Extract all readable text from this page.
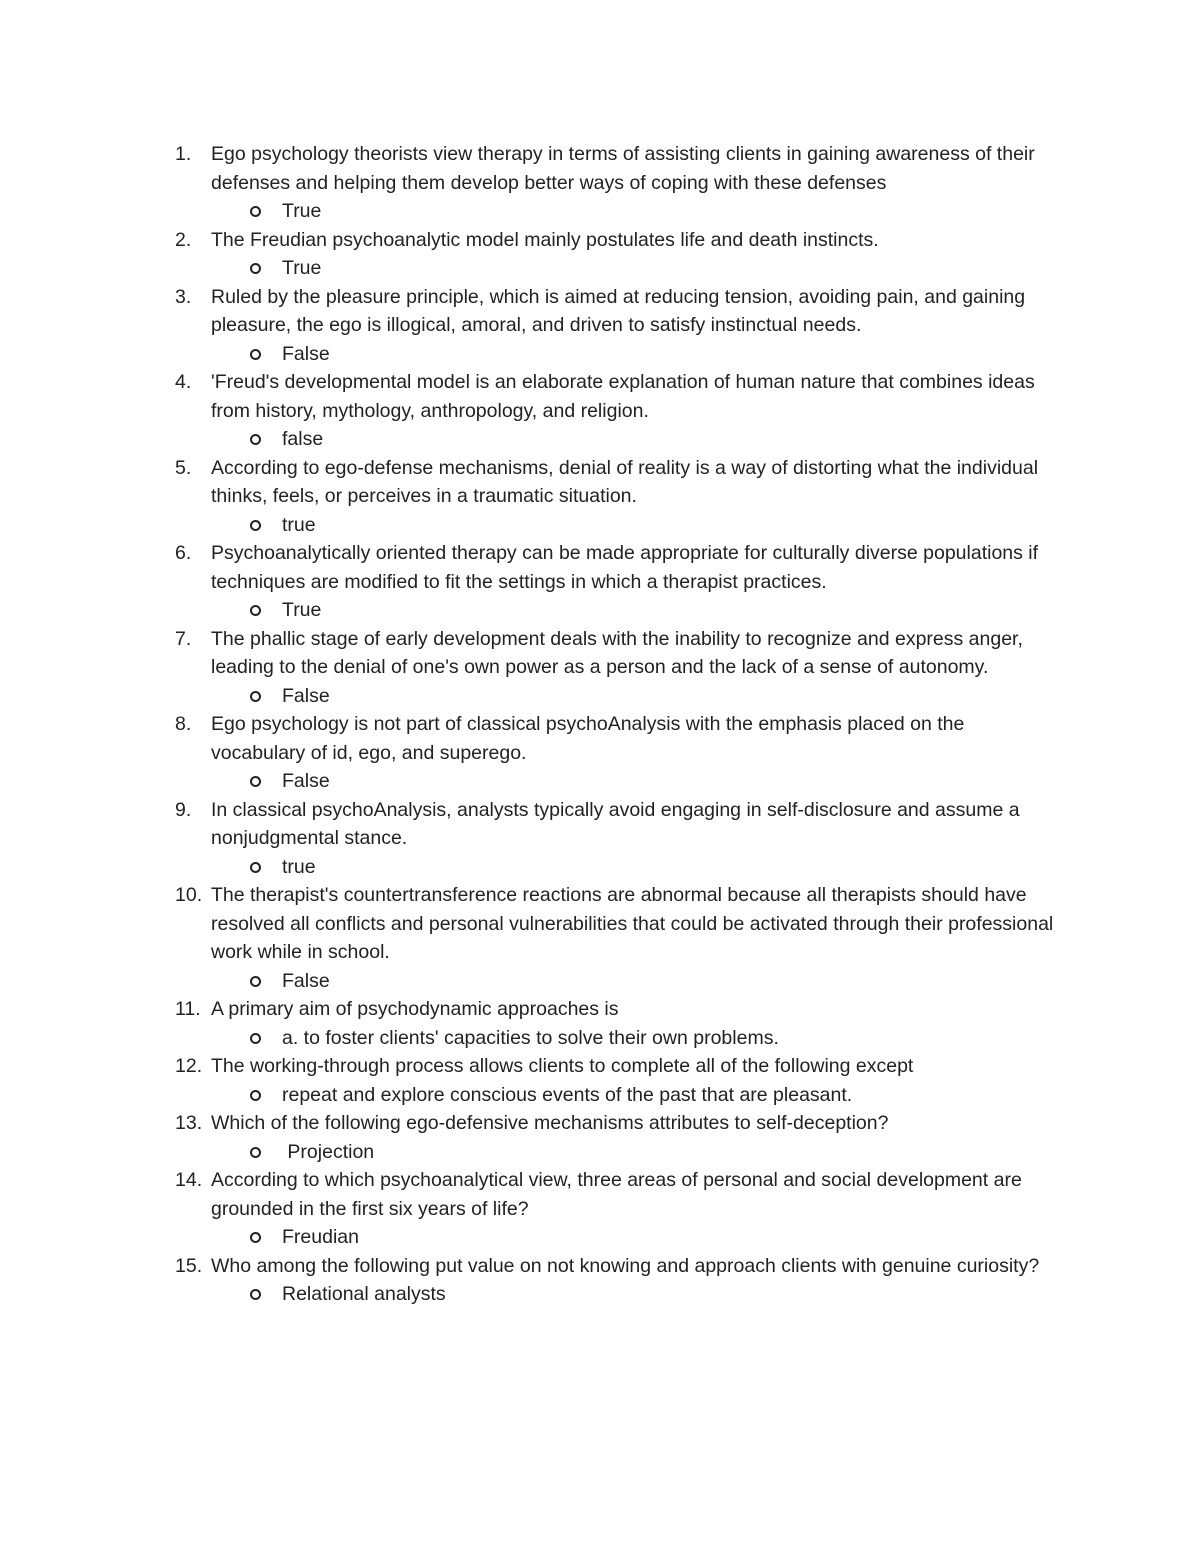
1.	Ego psychology theorists view therapy in terms of assisting clients in gaining awareness of their defenses and helping them develop better ways of coping with these defenses
True
2.	The Freudian psychoanalytic model mainly postulates life and death instincts.
True
3.	Ruled by the pleasure principle, which is aimed at reducing tension, avoiding pain, and gaining pleasure, the ego is illogical, amoral, and driven to satisfy instinctual needs.
False
4.	'Freud's developmental model is an elaborate explanation of human nature that combines ideas from history, mythology, anthropology, and religion.
false
5.	According to ego-defense mechanisms, denial of reality is a way of distorting what the individual thinks, feels, or perceives in a traumatic situation.
true
6.	Psychoanalytically oriented therapy can be made appropriate for culturally diverse populations if techniques are modified to fit the settings in which a therapist practices.
True
7.	The phallic stage of early development deals with the inability to recognize and express anger, leading to the denial of one's own power as a person and the lack of a sense of autonomy.
False
8.	Ego psychology is not part of classical psychoAnalysis with the emphasis placed on the vocabulary of id, ego, and superego.
False
9.	In classical psychoAnalysis, analysts typically avoid engaging in self-disclosure and assume a nonjudgmental stance.
true
10. The therapist's countertransference reactions are abnormal because all therapists should have resolved all conflicts and personal vulnerabilities that could be activated through their professional work while in school.
False
11. A primary aim of psychodynamic approaches is
a. to foster clients' capacities to solve their own problems.
12. The working-through process allows clients to complete all of the following except
repeat and explore conscious events of the past that are pleasant.
13. Which of the following ego-defensive mechanisms attributes to self-deception?
Projection
14. According to which psychoanalytical view, three areas of personal and social development are grounded in the first six years of life?
Freudian
15. Who among the following put value on not knowing and approach clients with genuine curiosity?
Relational analysts
